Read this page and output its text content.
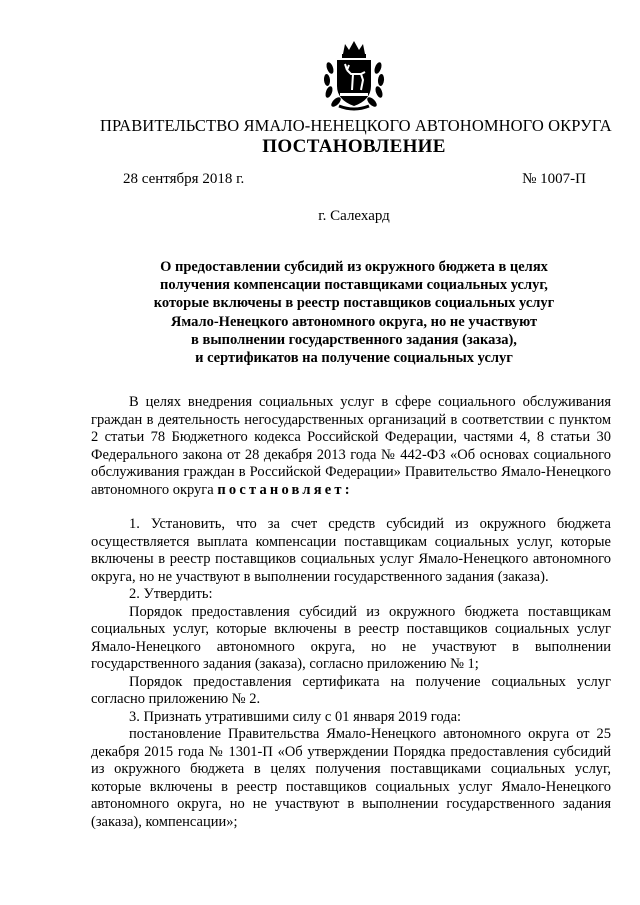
ПРАВИТЕЛЬСТВО ЯМАЛО-НЕНЕЦКОГО АВТОНОМНОГО ОКРУГА
ПОСТАНОВЛЕНИЕ
28 сентября 2018 г.	№ 1007-П
г. Салехард
О предоставлении субсидий из окружного бюджета в целях
получения компенсации поставщиками социальных услуг,
которые включены в реестр поставщиков социальных услуг
Ямало-Ненецкого автономного округа, но не участвуют
в выполнении государственного задания (заказа),
и сертификатов на получение социальных услуг

В целях внедрения социальных услуг в сфере социального обслуживания граждан в деятельность негосударственных организаций в соответствии с пунктом 2 статьи 78 Бюджетного кодекса Российской Федерации, частями 4, 8 статьи 30 Федерального закона от 28 декабря 2013 года № 442-ФЗ «Об основах социального обслуживания граждан в Российской Федерации» Правительство Ямало-Ненецкого автономного округа постановляет:

1. Установить, что за счет средств субсидий из окружного бюджета осуществляется выплата компенсации поставщикам социальных услуг, которые включены в реестр поставщиков социальных услуг Ямало-Ненецкого автономного округа, но не участвуют в выполнении государственного задания (заказа).

2. Утвердить:

Порядок предоставления субсидий из окружного бюджета поставщикам социальных услуг, которые включены в реестр поставщиков социальных услуг Ямало-Ненецкого автономного округа, но не участвуют в выполнении государственного задания (заказа), согласно приложению № 1;

Порядок предоставления сертификата на получение социальных услуг согласно приложению № 2.

3. Признать утратившими силу с 01 января 2019 года:

постановление Правительства Ямало-Ненецкого автономного округа от 25 декабря 2015 года № 1301-П «Об утверждении Порядка предоставления субсидий из окружного бюджета в целях получения поставщиками социальных услуг, которые включены в реестр поставщиков социальных услуг Ямало-Ненецкого автономного округа, но не участвуют в выполнении государственного задания (заказа), компенсации»;
